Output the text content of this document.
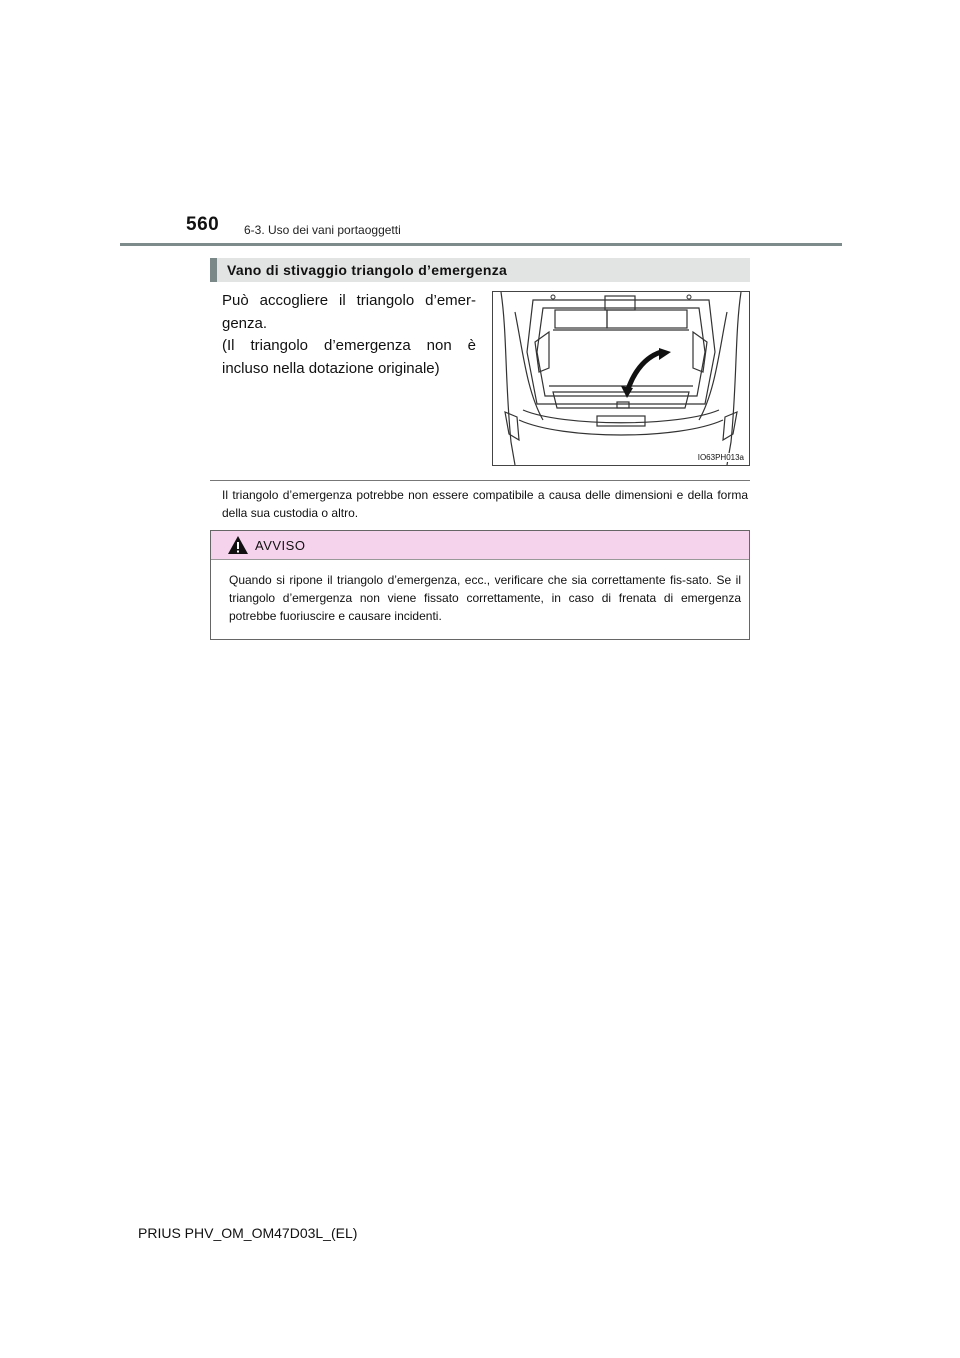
560 6-3. Uso dei vani portaoggetti
Vano di stivaggio triangolo d’emergenza

Può accogliere il triangolo d’emer-genza.

(Il triangolo d’emergenza non è incluso nella dotazione originale)

IO63PH013a
Il triangolo d’emergenza potrebbe non essere compatibile a causa delle dimensioni e della forma della sua custodia o altro.
AVVISO
Quando si ripone il triangolo d’emergenza, ecc., verificare che sia correttamente fis-sato. Se il triangolo d’emergenza non viene fissato correttamente, in caso di frenata di emergenza potrebbe fuoriuscire e causare incidenti.
PRIUS PHV_OM_OM47D03L_(EL)
